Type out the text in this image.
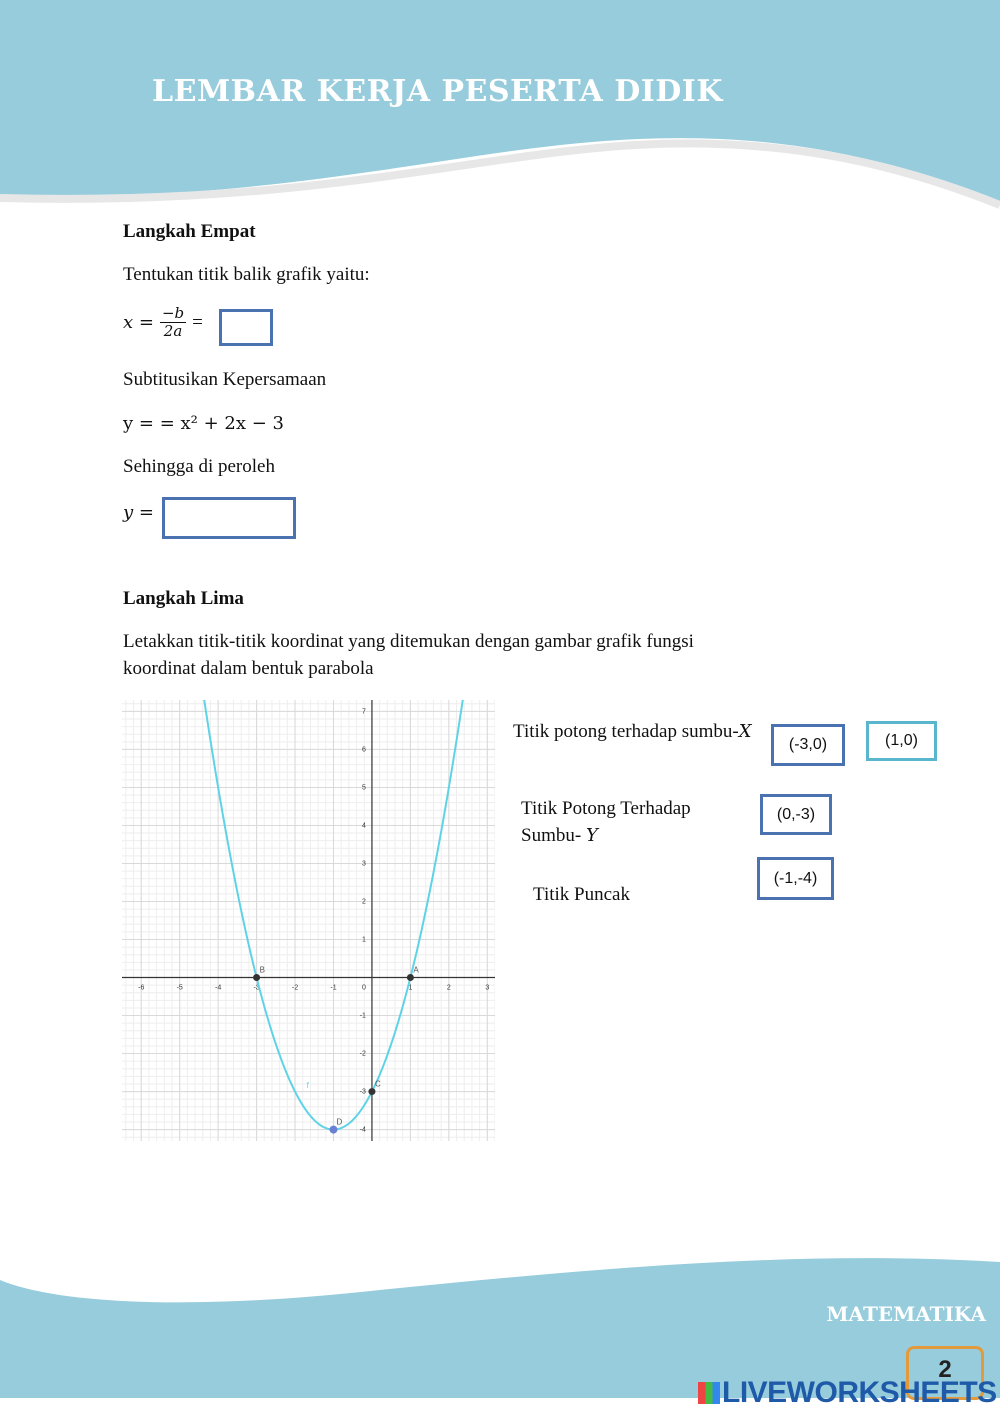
LEMBAR KERJA PESERTA DIDIK
Langkah Empat
Tentukan titik balik grafik yaitu:
$x = \frac{-b}{2a}$ =
Subtitusikan Kepersamaan
y = = x² + 2x − 3
Sehingga di peroleh
y =
Langkah Lima
Letakkan titik-titik koordinat yang ditemukan dengan gambar grafik fungsi
koordinat dalam bentuk parabola
-6	-5	-4	-3	-2	-1	0	1	2	3
-4
-3
-2
-1
1
2
3
4
5
6
7
f
A
B
C
D
Titik potong terhadap sumbu-X
Titik Potong Terhadap
Sumbu- Y
Titik Puncak
(-3,0)	(1,0)
(0,-3)
(-1,-4)
MATEMATIKA
2
LIVEWORKSHEETS
